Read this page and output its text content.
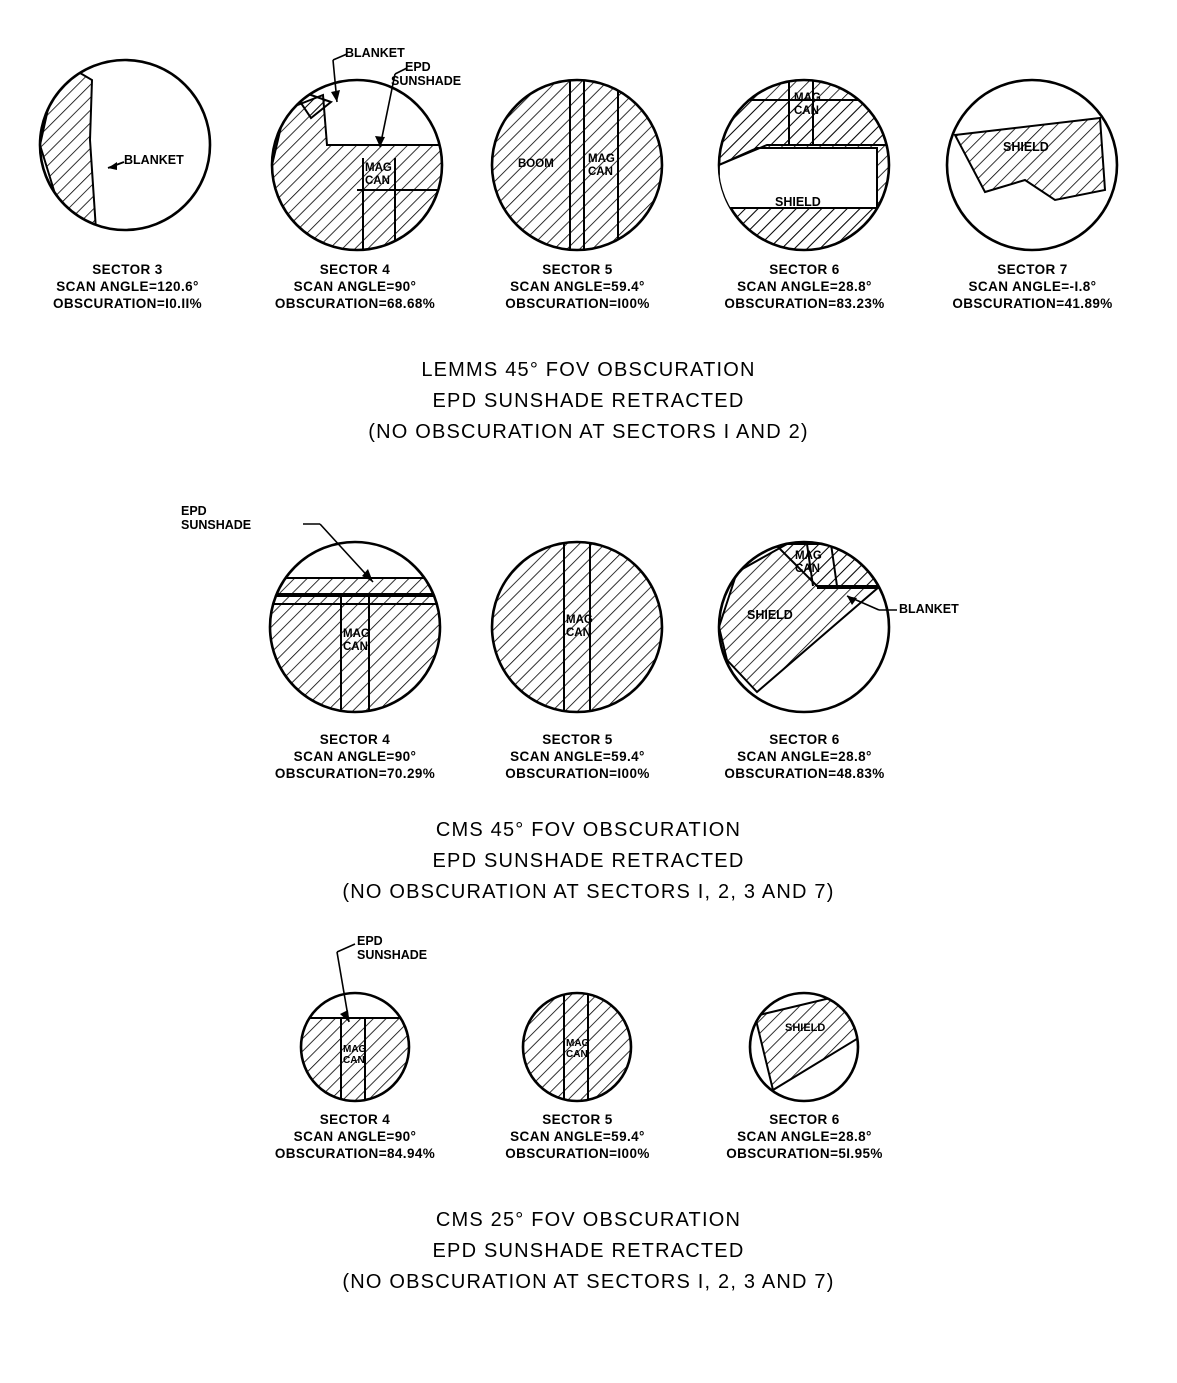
BLANKET
SECTOR 3
SCAN ANGLE=120.6°
OBSCURATION=I0.II%
BLANKET
EPD
SUNSHADE
MAG
CAN
SECTOR 4
SCAN ANGLE=90°
OBSCURATION=68.68%
BOOM	MAG
CAN
SECTOR 5
SCAN ANGLE=59.4°
OBSCURATION=I00%
MAG
CAN
SHIELD
SECTOR 6
SCAN ANGLE=28.8°
OBSCURATION=83.23%
SHIELD
SECTOR 7
SCAN ANGLE=-I.8°
OBSCURATION=41.89%
LEMMS 45° FOV OBSCURATION
EPD SUNSHADE RETRACTED
(NO OBSCURATION AT SECTORS I AND 2)
EPD
SUNSHADE
MAG
CAN
SECTOR 4
SCAN ANGLE=90°
OBSCURATION=70.29%
MAG
CAN
SECTOR 5
SCAN ANGLE=59.4°
OBSCURATION=I00%
MAG
CAN
SHIELD	BLANKET
SECTOR 6
SCAN ANGLE=28.8°
OBSCURATION=48.83%
CMS 45° FOV OBSCURATION
EPD SUNSHADE RETRACTED
(NO OBSCURATION AT SECTORS I, 2, 3 AND 7)
EPD
SUNSHADE
MAG
CAN
SECTOR 4
SCAN ANGLE=90°
OBSCURATION=84.94%
MAG
CAN
SECTOR 5
SCAN ANGLE=59.4°
OBSCURATION=I00%
SHIELD
SECTOR 6
SCAN ANGLE=28.8°
OBSCURATION=5I.95%
CMS 25° FOV OBSCURATION
EPD SUNSHADE RETRACTED
(NO OBSCURATION AT SECTORS I, 2, 3 AND 7)
